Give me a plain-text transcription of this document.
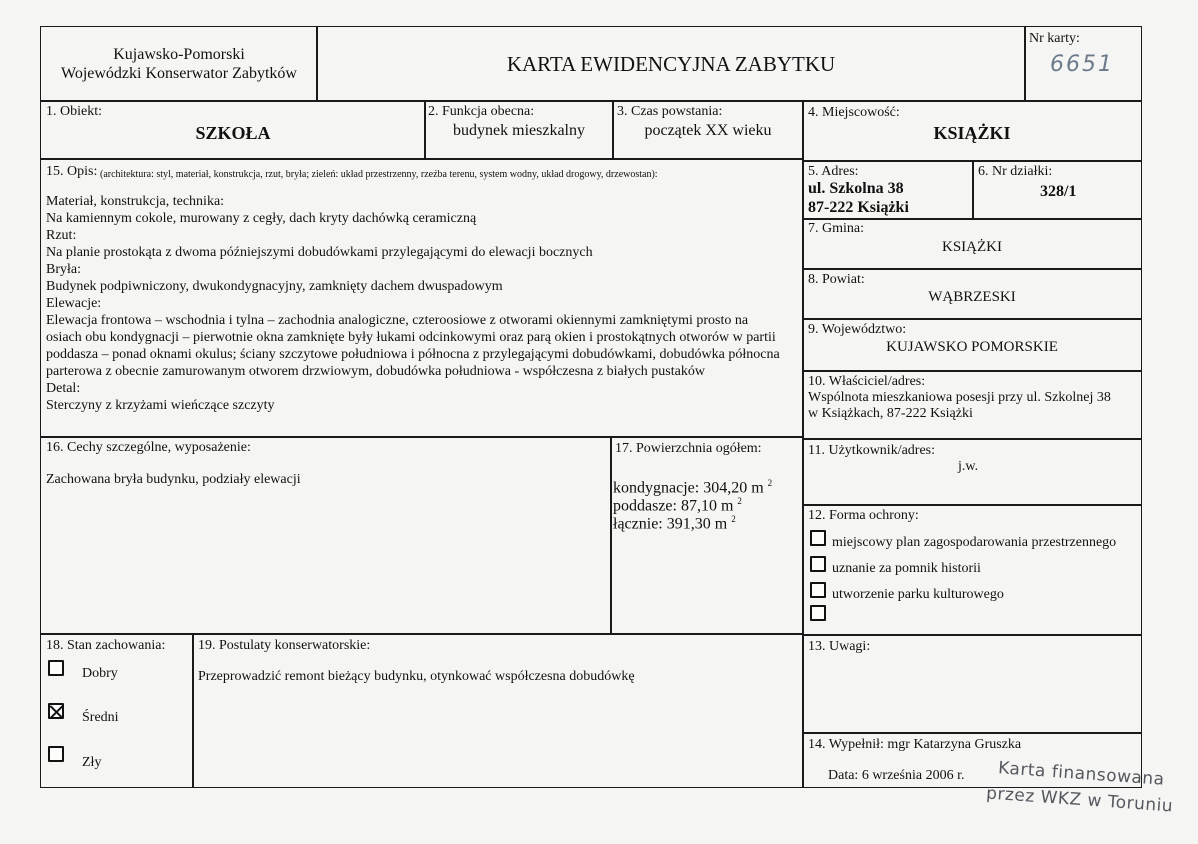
Kujawsko-Pomorski
Wojewódzki Konserwator Zabytków	KARTA EWIDENCYJNA ZABYTKU
Nr karty:
6651
1. Obiekt:
SZKOŁA
2. Funkcja obecna:
budynek mieszkalny
3. Czas powstania:
początek XX wieku
4. Miejscowość:
KSIĄŻKI
15. Opis: (architektura: styl, materiał, konstrukcja, rzut, bryła; zieleń: układ przestrzenny, rzeźba terenu, system wodny, układ drogowy, drzewostan):
Materiał, konstrukcja, technika:
Na kamiennym cokole, murowany z cegły, dach kryty dachówką ceramiczną
Rzut:
Na planie prostokąta z dwoma późniejszymi dobudówkami przylegającymi do elewacji bocznych
Bryła:
Budynek podpiwniczony, dwukondygnacyjny, zamknięty dachem dwuspadowym
Elewacje:
Elewacja frontowa – wschodnia i tylna – zachodnia analogiczne, czteroosiowe z otworami okiennymi zamkniętymi prosto na
osiach obu kondygnacji – pierwotnie okna zamknięte były łukami odcinkowymi oraz parą okien i prostokątnych otworów w partii
poddasza – ponad oknami okulus; ściany szczytowe południowa i północna z przylegającymi dobudówkami, dobudówka północna
parterowa z obecnie zamurowanym otworem drzwiowym, dobudówka południowa - współczesna z białych pustaków
Detal:
Sterczyny z krzyżami wieńczące szczyty
5. Adres:
ul. Szkolna 38
87-222 Książki
6. Nr działki:
328/1
7. Gmina:
KSIĄŻKI
8. Powiat:
WĄBRZESKI
9. Województwo:
KUJAWSKO POMORSKIE
10. Właściciel/adres:
Wspólnota mieszkaniowa posesji przy ul. Szkolnej 38
w Książkach, 87-222 Książki
16. Cechy szczególne, wyposażenie:
Zachowana bryła budynku, podziały elewacji
17. Powierzchnia ogółem:
kondygnacje: 304,20 m $^2$
poddasze: 87,10 m $^2$
łącznie: 391,30 m $^2$
11. Użytkownik/adres:
j.w.
12. Forma ochrony:
miejscowy plan zagospodarowania przestrzennego
uznanie za pomnik historii
utworzenie parku kulturowego
18. Stan zachowania:
Dobry
Średni
Zły
19. Postulaty konserwatorskie:
Przeprowadzić remont bieżący budynku, otynkować współczesna dobudówkę
13. Uwagi:
14. Wypełnił: mgr Katarzyna Gruszka
Data: 6 września 2006 r. Karta finansowana
przez WKZ w Toruniu
